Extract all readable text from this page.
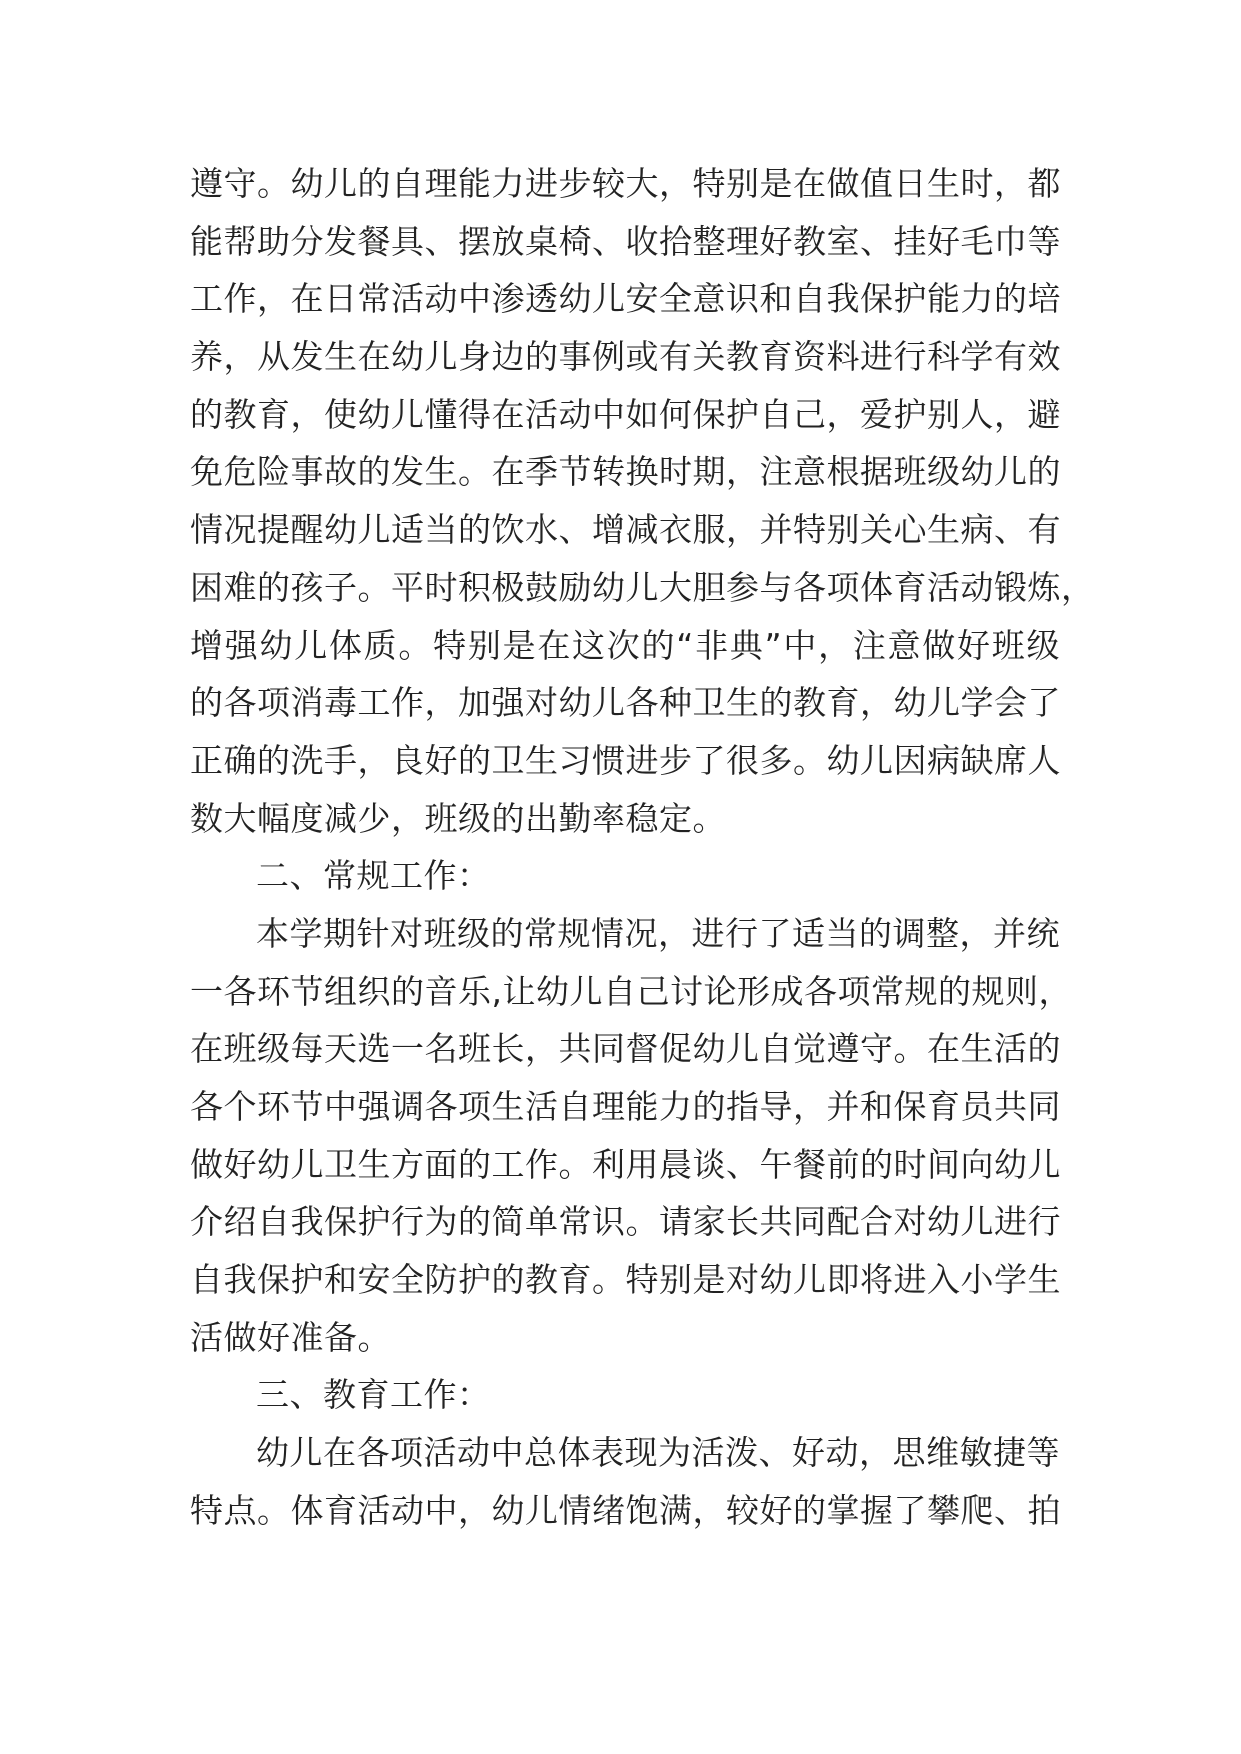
遵守。幼儿的自理能力进步较大，特别是在做值日生时，都
能帮助分发餐具、摆放桌椅、收拾整理好教室、挂好毛巾等
工作，在日常活动中渗透幼儿安全意识和自我保护能力的培
养，从发生在幼儿身边的事例或有关教育资料进行科学有效
的教育，使幼儿懂得在活动中如何保护自己，爱护别人，避
免危险事故的发生。在季节转换时期，注意根据班级幼儿的
情况提醒幼儿适当的饮水、增减衣服，并特别关心生病、有
困难的孩子。平时积极鼓励幼儿大胆参与各项体育活动锻炼，
增强幼儿体质。特别是在这次的“非典”中，注意做好班级
的各项消毒工作，加强对幼儿各种卫生的教育，幼儿学会了
正确的洗手，良好的卫生习惯进步了很多。幼儿因病缺席人
数大幅度减少，班级的出勤率稳定。
二、常规工作：
本学期针对班级的常规情况，进行了适当的调整，并统
一各环节组织的音乐,让幼儿自己讨论形成各项常规的规则，
在班级每天选一名班长，共同督促幼儿自觉遵守。在生活的
各个环节中强调各项生活自理能力的指导，并和保育员共同
做好幼儿卫生方面的工作。利用晨谈、午餐前的时间向幼儿
介绍自我保护行为的简单常识。请家长共同配合对幼儿进行
自我保护和安全防护的教育。特别是对幼儿即将进入小学生
活做好准备。
三、教育工作：
幼儿在各项活动中总体表现为活泼、好动，思维敏捷等
特点。体育活动中，幼儿情绪饱满，较好的掌握了攀爬、拍
